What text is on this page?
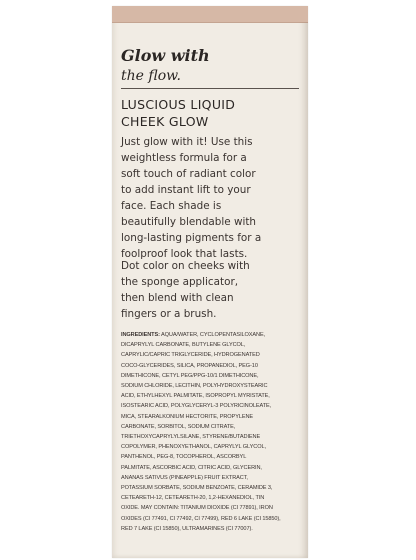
Glow with
the flow.
LUSCIOUS LIQUID
CHEEK GLOW
Just glow with it! Use this
weightless formula for a
soft touch of radiant color
to add instant lift to your
face. Each shade is
beautifully blendable with
long-lasting pigments for a
foolproof look that lasts.
Dot color on cheeks with
the sponge applicator,
then blend with clean
fingers or a brush.
INGREDIENTS: AQUA/WATER, CYCLOPENTASILOXANE,
DICAPRYLYL CARBONATE, BUTYLENE GLYCOL,
CAPRYLIC/CAPRIC TRIGLYCERIDE, HYDROGENATED
COCO-GLYCERIDES, SILICA, PROPANEDIOL, PEG-10
DIMETHICONE, CETYL PEG/PPG-10/1 DIMETHICONE,
SODIUM CHLORIDE, LECITHIN, POLYHYDROXYSTEARIC
ACID, ETHYLHEXYL PALMITATE, ISOPROPYL MYRISTATE,
ISOSTEARIC ACID, POLYGLYCERYL-3 POLYRICINOLEATE,
MICA, STEARALKONIUM HECTORITE, PROPYLENE
CARBONATE, SORBITOL, SODIUM CITRATE,
TRIETHOXYCAPRYLYLSILANE, STYRENE/BUTADIENE
COPOLYMER, PHENOXYETHANOL, CAPRYLYL GLYCOL,
PANTHENOL, PEG-8, TOCOPHEROL, ASCORBYL
PALMITATE, ASCORBIC ACID, CITRIC ACID, GLYCERIN,
ANANAS SATIVUS (PINEAPPLE) FRUIT EXTRACT,
POTASSIUM SORBATE, SODIUM BENZOATE, CERAMIDE 3,
CETEARETH-12, CETEARETH-20, 1,2-HEXANEDIOL, TIN
OXIDE. MAY CONTAIN: TITANIUM DIOXIDE (CI 77891), IRON
OXIDES (CI 77491, CI 77492, CI 77499), RED 6 LAKE (CI 15850),
RED 7 LAKE (CI 15850), ULTRAMARINES (CI 77007).
